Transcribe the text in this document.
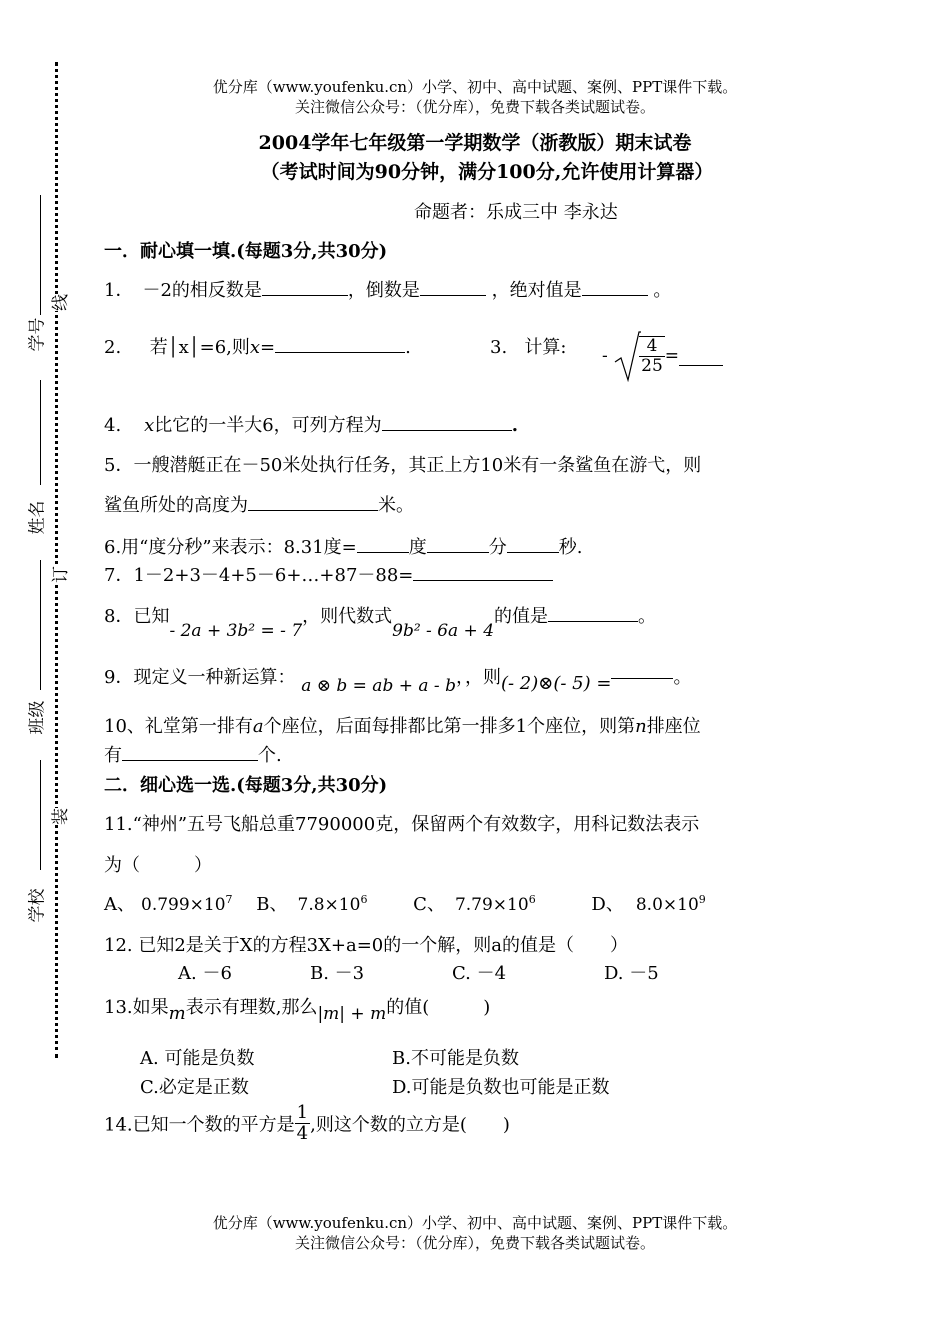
优分库（www.youfenku.cn）小学、初中、高中试题、案例、PPT课件下载。
关注微信公众号：（优分库），免费下载各类试题试卷。
2004学年七年级第一学期数学（浙教版）期末试卷
（考试时间为90分钟，满分100分,允许使用计算器）
命题者：乐成三中 李永达
学号
姓名
班级
学校
线
订
装
一．耐心填一填.(每题3分,共30分)
1．　－2的相反数是	，倒数是	，绝对值是	。
2. 若│x│=6,则x=	.	3. 计算: - $\frac{4}{25}$ =
4. x比它的一半大6，可列方程为	.
5．一艘潜艇正在－50米处执行任务，其正上方10米有一条鲨鱼在游弋，则
鲨鱼所处的高度为	米。
6.用“度分秒”来表示：8.31度=	度	分	秒.
7．1－2+3－4+5－6+…+87－88=
8．已知- 2a + 3b² = - 7，则代数式9b² - 6a + 4的值是	。
9．现定义一种新运算： a ⊗ b = ab + a - b，，则(- 2)⊗(- 5) =	。
10、礼堂第一排有a个座位，后面每排都比第一排多1个座位，则第n排座位
有	个.
二．细心选一选.(每题3分,共30分)
11.“神州”五号飞船总重7790000克，保留两个有效数字，用科记数法表示
为（　　　）
A、 $0.799\times 10^7$ B、 $7.8\times 10^6$	C、 $7.79\times 10^6$	D、 $8.0\times 10^9$
12. 已知2是关于X的方程3X+a=0的一个解，则a的值是（　　）
A. －6	B. －3	C. －4	D. －5
13.如果m表示有理数,那么|m| + m的值(　　　)
A. 可能是负数	B.不可能是负数
C.必定是正数	D.可能是负数也可能是正数
14.已知一个数的平方是 $\frac{1}{4}$ ,则这个数的立方是(　　)
优分库（www.youfenku.cn）小学、初中、高中试题、案例、PPT课件下载。
关注微信公众号：（优分库），免费下载各类试题试卷。
